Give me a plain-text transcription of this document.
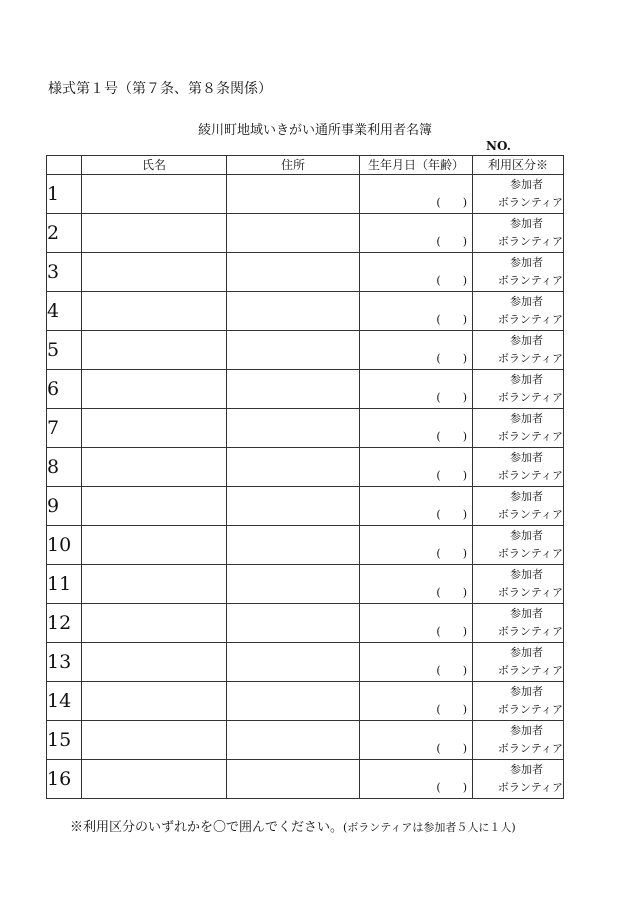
様式第１号（第７条、第８条関係）
綾川町地域いきがい通所事業利用者名簿
NO.
	氏名	住所	生年月日（年齢）	利用区分※
1			(　　)	参加者
ボランティア

2			(　　)	参加者
ボランティア

3			(　　)	参加者
ボランティア

4			(　　)	参加者
ボランティア

5			(　　)	参加者
ボランティア

6			(　　)	参加者
ボランティア

7			(　　)	参加者
ボランティア

8			(　　)	参加者
ボランティア

9			(　　)	参加者
ボランティア

10			(　　)	参加者
ボランティア

11			(　　)	参加者
ボランティア

12			(　　)	参加者
ボランティア

13			(　　)	参加者
ボランティア

14			(　　)	参加者
ボランティア

15			(　　)	参加者
ボランティア

16			(　　)	参加者
ボランティア
※利用区分のいずれかを〇で囲んでください。(ボランティアは参加者５人に１人)
